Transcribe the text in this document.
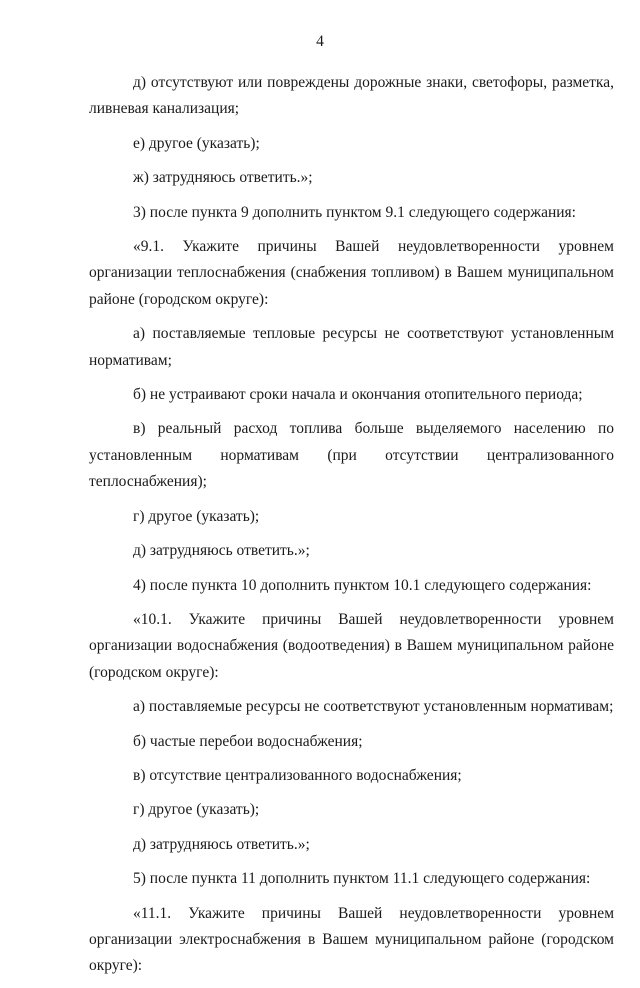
4

д) отсутствуют или повреждены дорожные знаки, светофоры, разметка, ливневая канализация;

е) другое (указать);

ж) затрудняюсь ответить.»;

3) после пункта 9 дополнить пунктом 9.1 следующего содержания:

«9.1. Укажите причины Вашей неудовлетворенности уровнем организации теплоснабжения (снабжения топливом) в Вашем муниципальном районе (городском округе):

а) поставляемые тепловые ресурсы не соответствуют установленным нормативам;

б) не устраивают сроки начала и окончания отопительного периода;

в) реальный расход топлива больше выделяемого населению по установленным нормативам (при отсутствии централизованного теплоснабжения);

г) другое (указать);

д) затрудняюсь ответить.»;

4) после пункта 10 дополнить пунктом 10.1 следующего содержания:

«10.1. Укажите причины Вашей неудовлетворенности уровнем организации водоснабжения (водоотведения) в Вашем муниципальном районе (городском округе):

а) поставляемые ресурсы не соответствуют установленным нормативам;

б) частые перебои водоснабжения;

в) отсутствие централизованного водоснабжения;

г) другое (указать);

д) затрудняюсь ответить.»;

5) после пункта 11 дополнить пунктом 11.1 следующего содержания:

«11.1. Укажите причины Вашей неудовлетворенности уровнем организации электроснабжения в Вашем муниципальном районе (городском округе):
